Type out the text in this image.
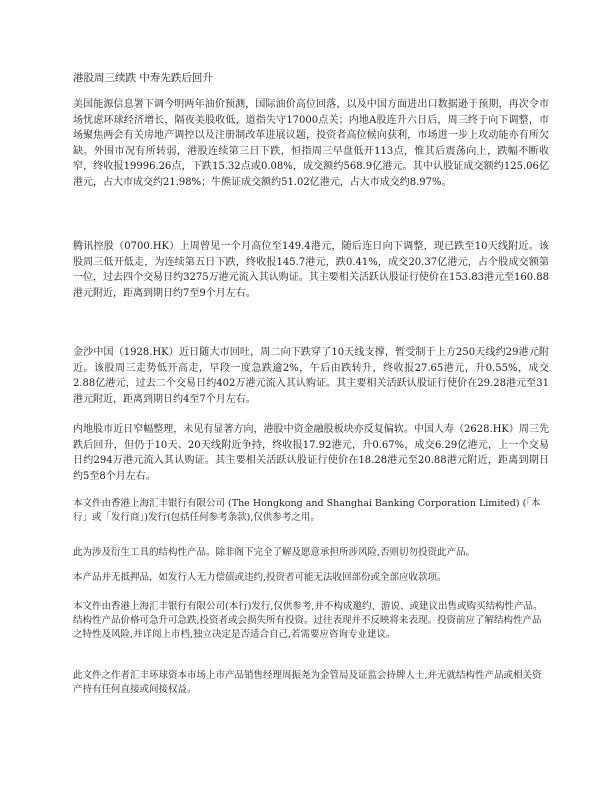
港股周三续跌 中寿先跌后回升

美国能源信息署下调今明两年油价预测，国际油价高位回落，以及中国方面进出口数据逊于预期，再次令市场忧虑环球经济增长，隔夜美股收低，道指失守17000点关；内地A股连升六日后，周三终于向下调整，市场聚焦两会有关房地产调控以及注册制改革进展议题，投资者高位候向获利，市场进一步上攻动能亦有所欠缺。外围市况有所转弱，港股连续第三日下跌，恒指周三早盘低开113点，惟其后震荡向上，跌幅不断收窄，终收报19996.26点，下跌15.32点或0.08%，成交额约568.9亿港元。其中认股证成交额约125.06亿港元，占大市成交约21.98%；牛熊证成交额约51.02亿港元，占大市成交约8.97%。

腾讯控股（0700.HK）上周曾见一个月高位至149.4港元，随后连日向下调整，现已跌至10天线附近。该股周三低开低走，为连续第五日下跌，终收报145.7港元，跌0.41%，成交20.37亿港元，占个股成交额第一位，过去四个交易日约3275万港元流入其认购证。其主要相关活跃认股证行使价在153.83港元至160.88港元附近，距离到期日约7至9个月左右。

金沙中国（1928.HK）近日随大市回吐，周二向下跌穿了10天线支撑，暂受制于上方250天线约29港元附近。该股周三走势低开高走，早段一度急跌逾2%，午后由跌转升，终收报27.65港元，升0.55%，成交2.88亿港元，过去二个交易日约402万港元流入其认购证。其主要相关活跃认股证行使价在29.28港元至31港元附近，距离到期日约4至7个月左右。

内地股市近日窄幅整理，未见有显著方向，港股中资金融股板块亦反复偏软。中国人寿（2628.HK）周三先跌后回升，但仍于10天、20天线附近争持，终收报17.92港元，升0.67%，成交6.29亿港元，上一个交易日约294万港元流入其认购证。其主要相关活跃认股证行使价在18.28港元至20.88港元附近，距离到期日约5至8个月左右。

本文件由香港上海汇丰银行有限公司 (The Hongkong and Shanghai Banking Corporation Limited) (「本行」或「发行商」)发行(包括任何参考条款),仅供参考之用。

此为涉及衍生工具的结构性产品。除非阁下完全了解及愿意承担所涉风险,否则切勿投资此产品。

本产品并无抵押品，如发行人无力偿债或违约,投资者可能无法收回部份或全部应收款项。

本文件由香港上海汇丰银行有限公司(本行)发行,仅供参考,并不构成邀约、游说、或建议出售或购买结构性产品。结构性产品价格可急升可急跌,投资者或会损失所有投资。过往表现并不反映将来表现。投资前应了解结构性产品之特性及风险,并详阅上市档,独立决定是否适合自己,若需要应咨询专业建议。

此文件之作者汇丰环球资本市场上市产品销售经理周振尧为金管局及证监会持牌人士,并无就结构性产品或相关资产持有任何直接或间接权益。
